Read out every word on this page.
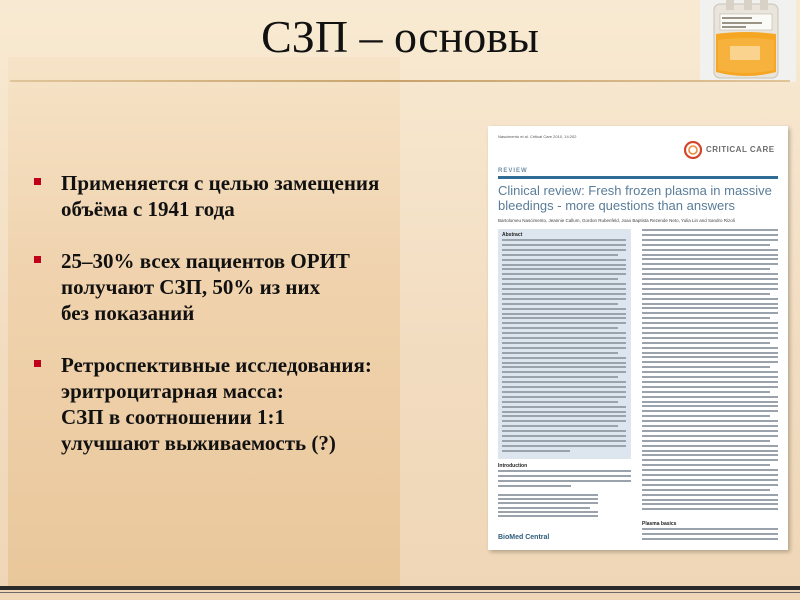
СЗП – основы
Применяется с целью замещения
объёма с 1941 года
25–30% всех пациентов ОРИТ
получают СЗП, 50% из них
без показаний
Ретроспективные исследования:
эритроцитарная масса:
СЗП в соотношении 1:1
улучшают выживаемость (?)
Nascimento et al. Critical Care 2010, 14:202
CRITICAL CARE
REVIEW
Clinical review: Fresh frozen plasma in massive
bleedings - more questions than answers
Bartolomeu Nascimento, Jeannie Callum, Gordon Rubenfeld, Joao Baptista Rezende Neto, Yulia Lin and Sandro Rizoli
Abstract
Introduction
Plasma basics
BioMed Central
